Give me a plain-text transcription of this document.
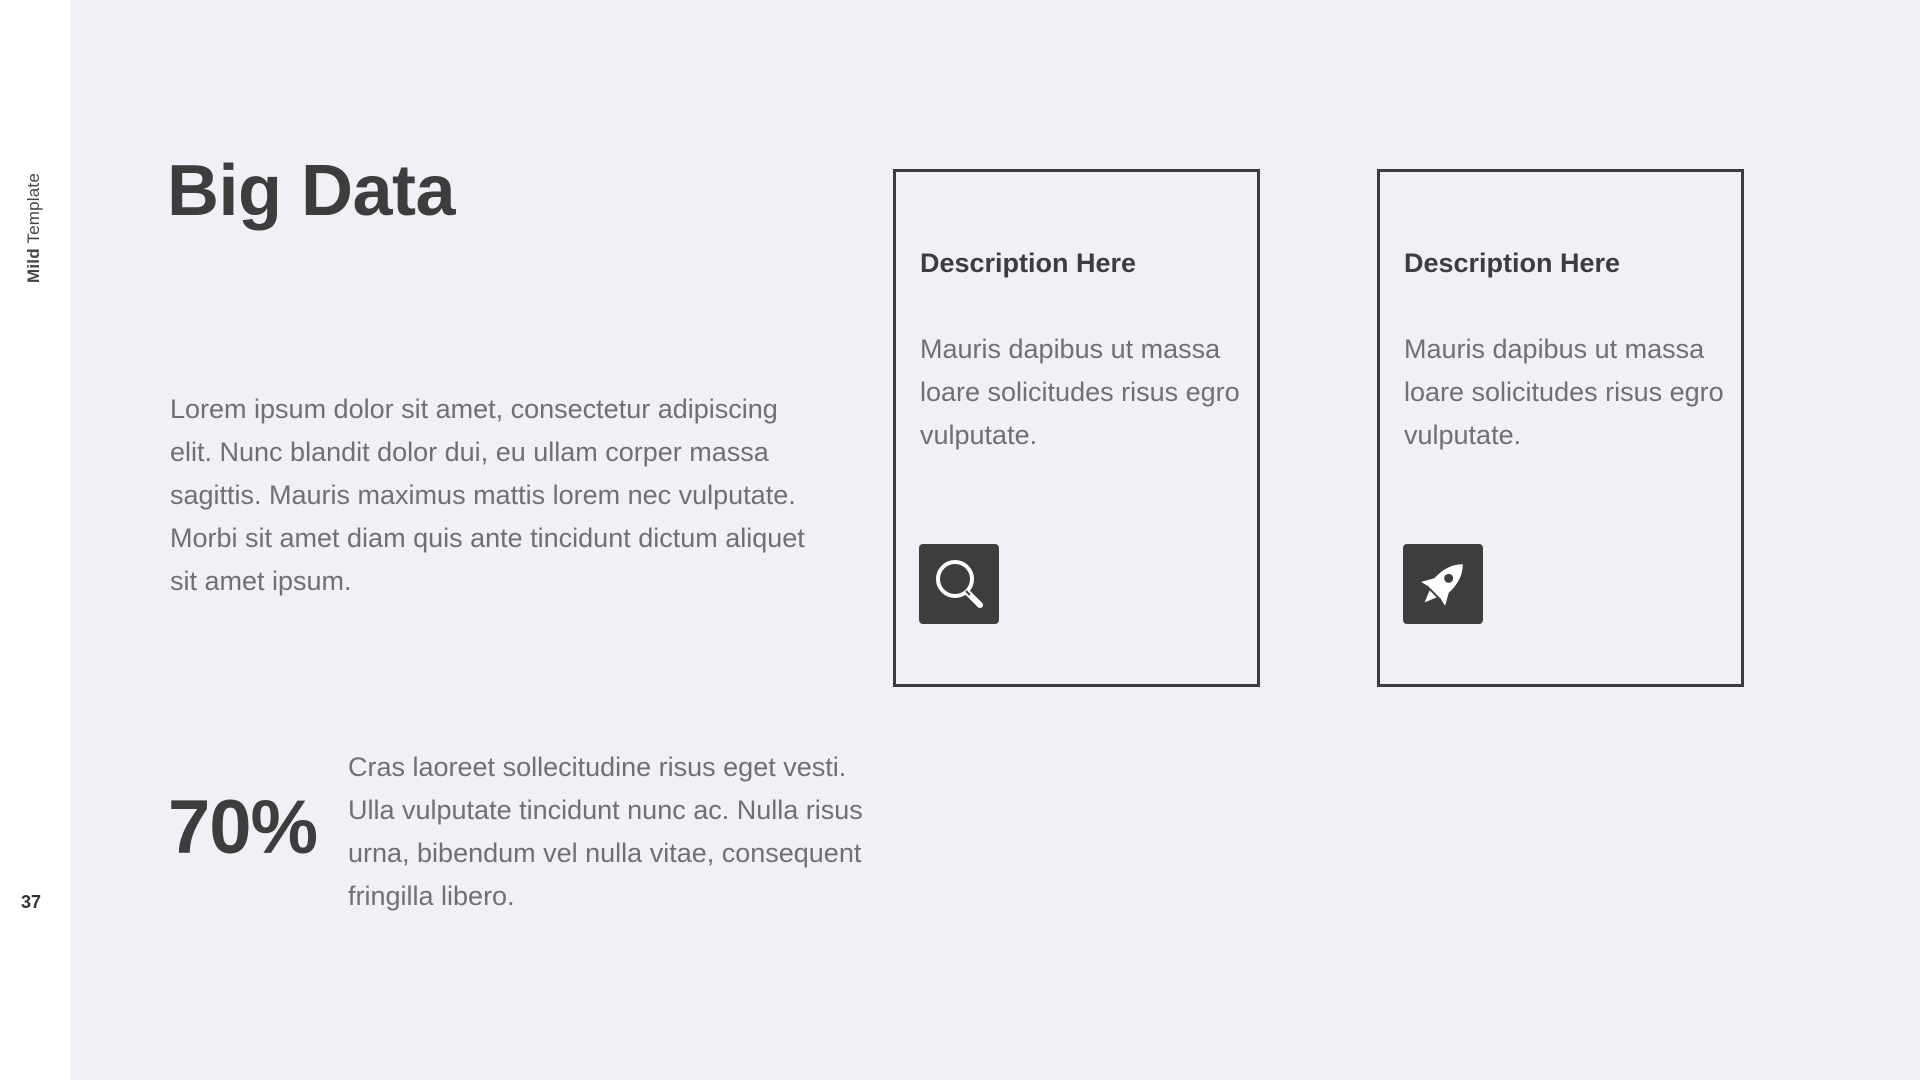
Mild Template
37
Big Data

Lorem ipsum dolor sit amet, consectetur adipiscing elit. Nunc blandit dolor dui, eu ullam corper massa sagittis. Mauris maximus mattis lorem nec vulputate. Morbi sit amet diam quis ante tincidunt dictum aliquet sit amet ipsum.

70%

Cras laoreet sollecitudine risus eget vesti. Ulla vulputate tincidunt nunc ac. Nulla risus urna, bibendum vel nulla vitae, consequent fringilla libero.

Description Here

Mauris dapibus ut massa loare solicitudes risus egro vulputate.

Description Here

Mauris dapibus ut massa loare solicitudes risus egro vulputate.
